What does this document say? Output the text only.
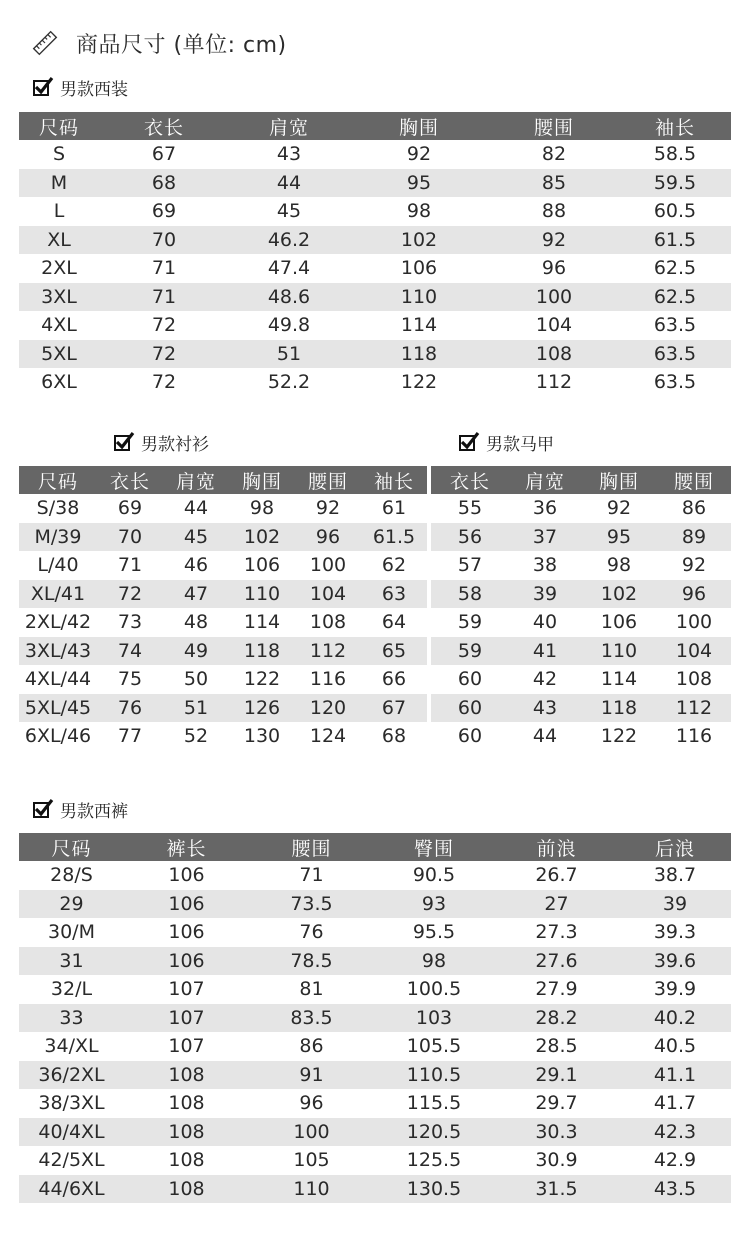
商品尺寸 (单位: cm)
男款西装
尺码	衣长	肩宽	胸围	腰围	袖长
S	67	43	92	82	58.5
M	68	44	95	85	59.5
L	69	45	98	88	60.5
XL	70	46.2	102	92	61.5
2XL	71	47.4	106	96	62.5
3XL	71	48.6	110	100	62.5
4XL	72	49.8	114	104	63.5
5XL	72	51	118	108	63.5
6XL	72	52.2	122	112	63.5
男款衬衫	男款马甲
尺码	衣长	肩宽	胸围	腰围	袖长		衣长	肩宽	胸围	腰围
S/38	69	44	98	92	61		55	36	92	86
M/39	70	45	102	96	61.5		56	37	95	89
L/40	71	46	106	100	62		57	38	98	92
XL/41	72	47	110	104	63		58	39	102	96
2XL/42	73	48	114	108	64		59	40	106	100
3XL/43	74	49	118	112	65		59	41	110	104
4XL/44	75	50	122	116	66		60	42	114	108
5XL/45	76	51	126	120	67		60	43	118	112
6XL/46	77	52	130	124	68		60	44	122	116
男款西裤
尺码	裤长	腰围	臀围	前浪	后浪
28/S	106	71	90.5	26.7	38.7
29	106	73.5	93	27	39
30/M	106	76	95.5	27.3	39.3
31	106	78.5	98	27.6	39.6
32/L	107	81	100.5	27.9	39.9
33	107	83.5	103	28.2	40.2
34/XL	107	86	105.5	28.5	40.5
36/2XL	108	91	110.5	29.1	41.1
38/3XL	108	96	115.5	29.7	41.7
40/4XL	108	100	120.5	30.3	42.3
42/5XL	108	105	125.5	30.9	42.9
44/6XL	108	110	130.5	31.5	43.5
